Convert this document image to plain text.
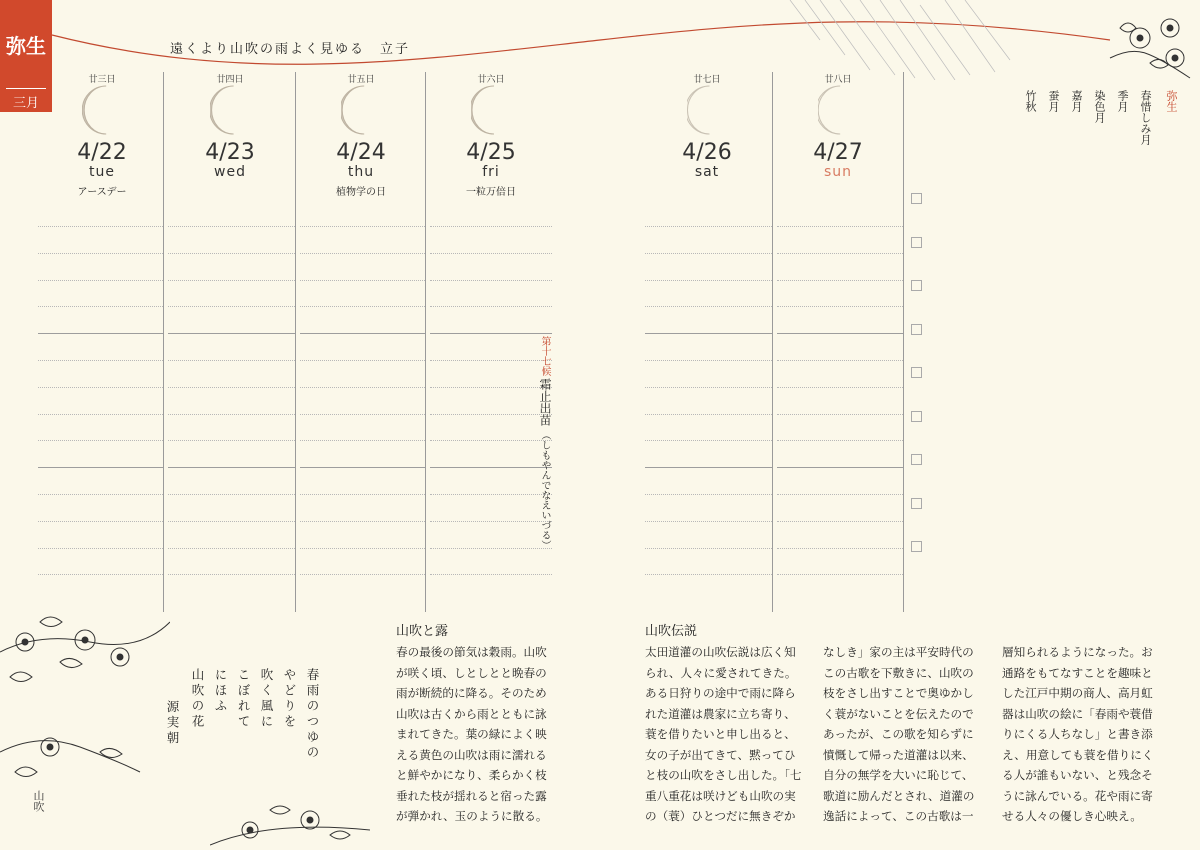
弥生
三月
遠くより山吹の雨よく見ゆる　立子
廿三日
4/22
tue
アースデー
廿四日
4/23
wed
廿五日
4/24
thu
植物学の日
廿六日
4/25
fri
一粒万倍日
廿七日
4/26
sat
廿八日
4/27
sun
第十七候
霜止出苗
（しもやんでなえいづる）
弥生
春惜しみ月
季月
染色月
嘉月
蚕月
竹秋
山吹
春雨のつゆの
やどりを
吹く風に
こぼれて
にほふ
山吹の花
源実朝
山吹と露
春の最後の節気は穀雨。山吹
が咲く頃、しとしとと晩春の
雨が断続的に降る。そのため
山吹は古くから雨とともに詠
まれてきた。葉の緑によく映
える黄色の山吹は雨に濡れる
と鮮やかになり、柔らかく枝
垂れた枝が揺れると宿った露
が弾かれ、玉のように散る。
山吹伝説
太田道灌の山吹伝説は広く知
られ、人々に愛されてきた。
ある日狩りの途中で雨に降ら
れた道灌は農家に立ち寄り、
蓑を借りたいと申し出ると、
女の子が出てきて、黙ってひ
と枝の山吹をさし出した。「七
重八重花は咲けども山吹の実
の（蓑）ひとつだに無きぞか
なしき」家の主は平安時代の
この古歌を下敷きに、山吹の
枝をさし出すことで奥ゆかし
く蓑がないことを伝えたので
あったが、この歌を知らずに
憤慨して帰った道灌は以来、
自分の無学を大いに恥じて、
歌道に励んだとされ、道灌の
逸話によって、この古歌は一
層知られるようになった。お
通路をもてなすことを趣味と
した江戸中期の商人、高月虹
器は山吹の絵に「春雨や蓑借
りにくる人ちなし」と書き添
え、用意しても蓑を借りにく
る人が誰もいない、と残念そ
うに詠んでいる。花や雨に寄
せる人々の優しき心映え。
